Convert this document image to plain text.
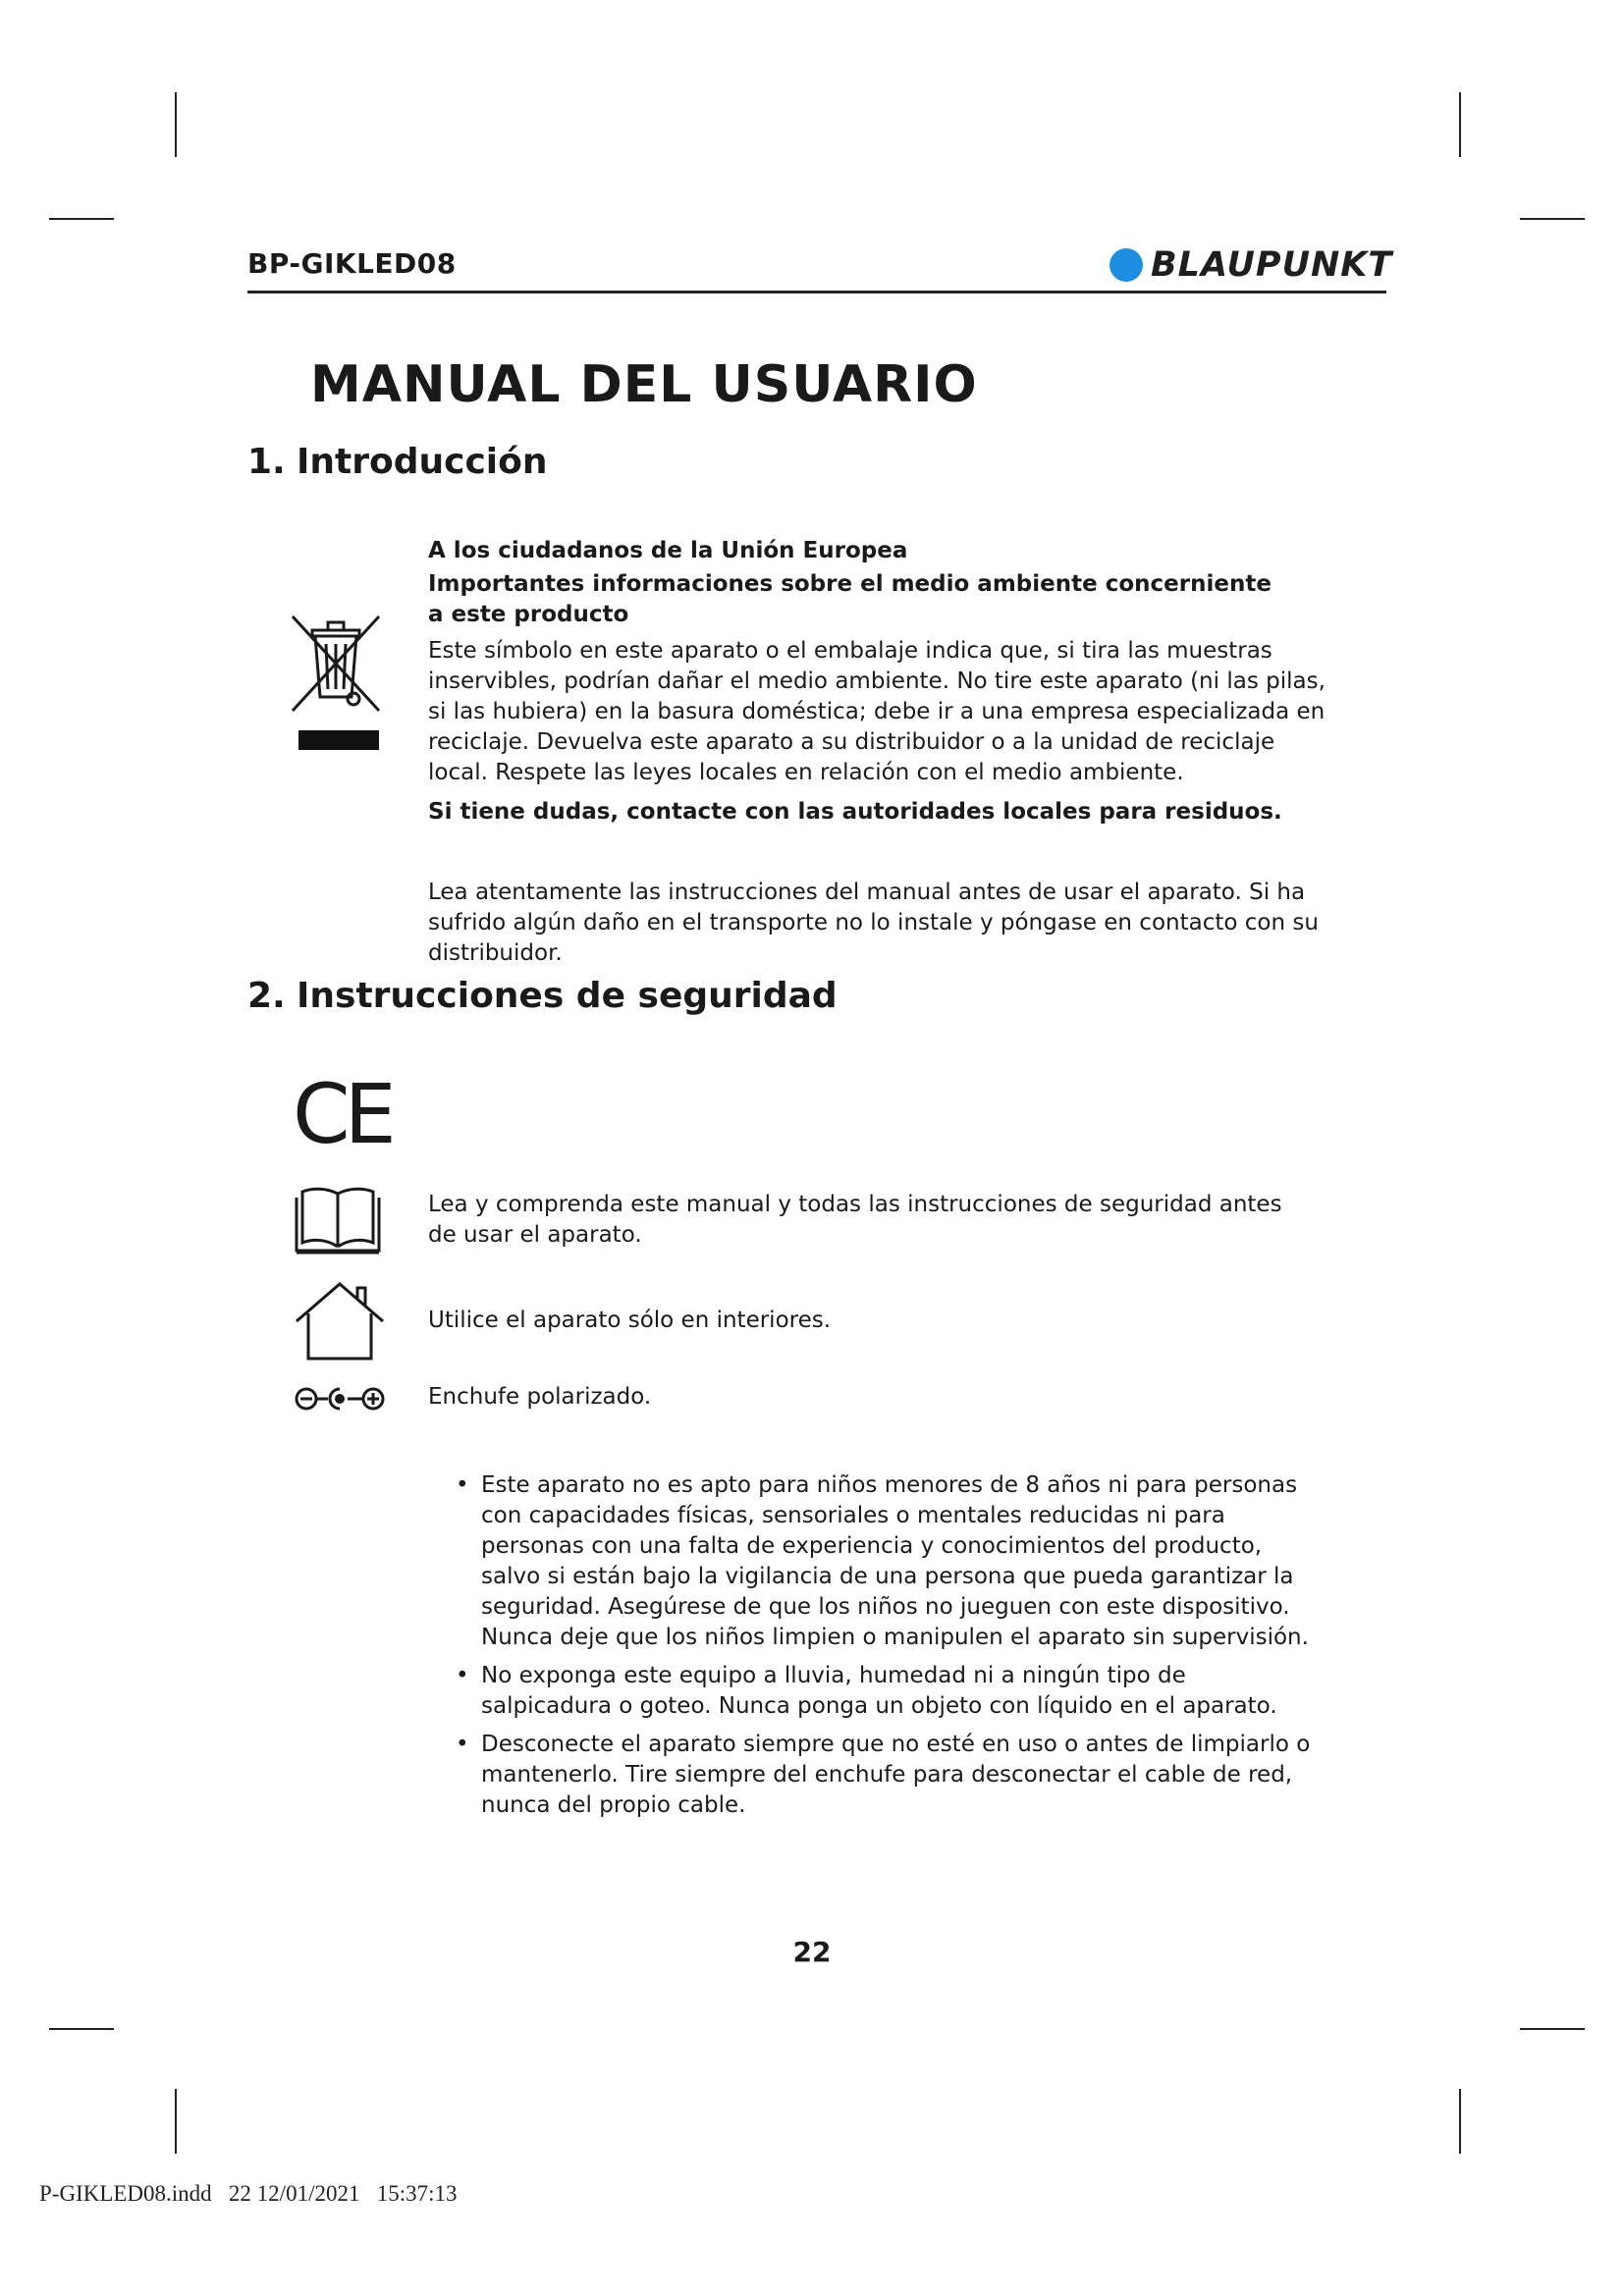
BP-GIKLED08	BLAUPUNKT
MANUAL DEL USUARIO
1. Introducción
A los ciudadanos de la Unión Europea
Importantes informaciones sobre el medio ambiente concerniente a este producto
Este símbolo en este aparato o el embalaje indica que, si tira las muestras inservibles, podrían dañar el medio ambiente. No tire este aparato (ni las pilas, si las hubiera) en la basura doméstica; debe ir a una empresa especializada en reciclaje. Devuelva este aparato a su distribuidor o a la unidad de reciclaje local. Respete las leyes locales en relación con el medio ambiente.
Si tiene dudas, contacte con las autoridades locales para residuos.
Lea atentamente las instrucciones del manual antes de usar el aparato. Si ha sufrido algún daño en el transporte no lo instale y póngase en contacto con su distribuidor.
2. Instrucciones de seguridad
CE
Lea y comprenda este manual y todas las instrucciones de seguridad antes de usar el aparato.
Utilice el aparato sólo en interiores.
Enchufe polarizado.
• Este aparato no es apto para niños menores de 8 años ni para personas con capacidades físicas, sensoriales o mentales reducidas ni para personas con una falta de experiencia y conocimientos del producto, salvo si están bajo la vigilancia de una persona que pueda garantizar la seguridad. Asegúrese de que los niños no jueguen con este dispositivo. Nunca deje que los niños limpien o manipulen el aparato sin supervisión.
• No exponga este equipo a lluvia, humedad ni a ningún tipo de salpicadura o goteo. Nunca ponga un objeto con líquido en el aparato.
• Desconecte el aparato siempre que no esté en uso o antes de limpiarlo o mantenerlo. Tire siempre del enchufe para desconectar el cable de red, nunca del propio cable.
22
P-GIKLED08.indd   22 12/01/2021   15:37:13
